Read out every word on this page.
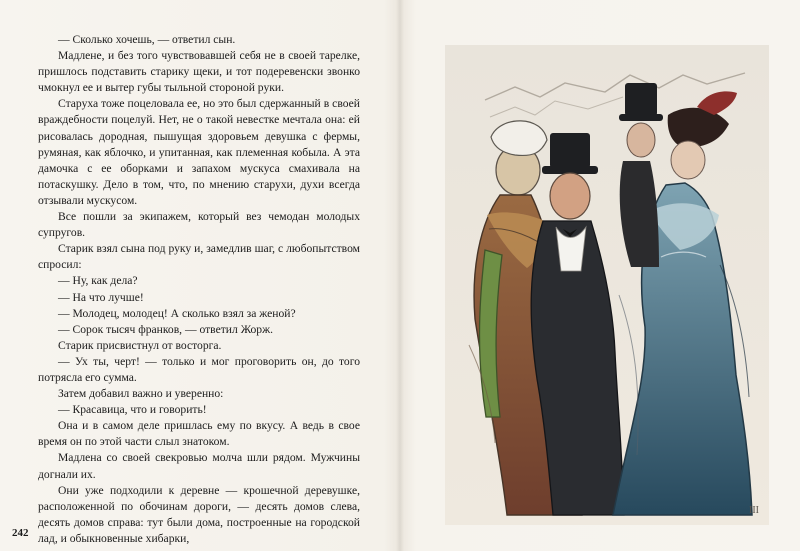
— Сколько хочешь, — ответил сын.

Мадлене, и без того чувствовавшей себя не в своей тарелке, пришлось подставить старику щеки, и тот подеревенски звонко чмокнул ее и вытер губы тыльной стороной руки.

Старуха тоже поцеловала ее, но это был сдержанный в своей враждебности поцелуй. Нет, не о такой невестке мечтала она: ей рисовалась дородная, пышущая здоровьем девушка с фермы, румяная, как яблочко, и упитанная, как племенная кобыла. А эта дамочка с ее оборками и запахом мускуса смахивала на потаскушку. Дело в том, что, по мнению старухи, духи всегда отзывали мускусом.

Все пошли за экипажем, который вез чемодан молодых супругов.

Старик взял сына под руку и, замедлив шаг, с любопытством спросил:

— Ну, как дела?

— На что лучше!

— Молодец, молодец! А сколько взял за женой?

— Сорок тысяч франков, — ответил Жорж.

Старик присвистнул от восторга.

— Ух ты, черт! — только и мог проговорить он, до того потрясла его сумма.

Затем добавил важно и уверенно:

— Красавица, что и говорить!

Она и в самом деле пришлась ему по вкусу. А ведь в свое время он по этой части слыл знатоком.

Мадлена со своей свекровью молча шли рядом. Мужчины догнали их.

Они уже подходили к деревне — крошечной деревушке, расположенной по обочинам дороги, — десять домов слева, десять домов справа: тут были дома, построенные на городской лад, и обыкновенные хибарки,

242
III
